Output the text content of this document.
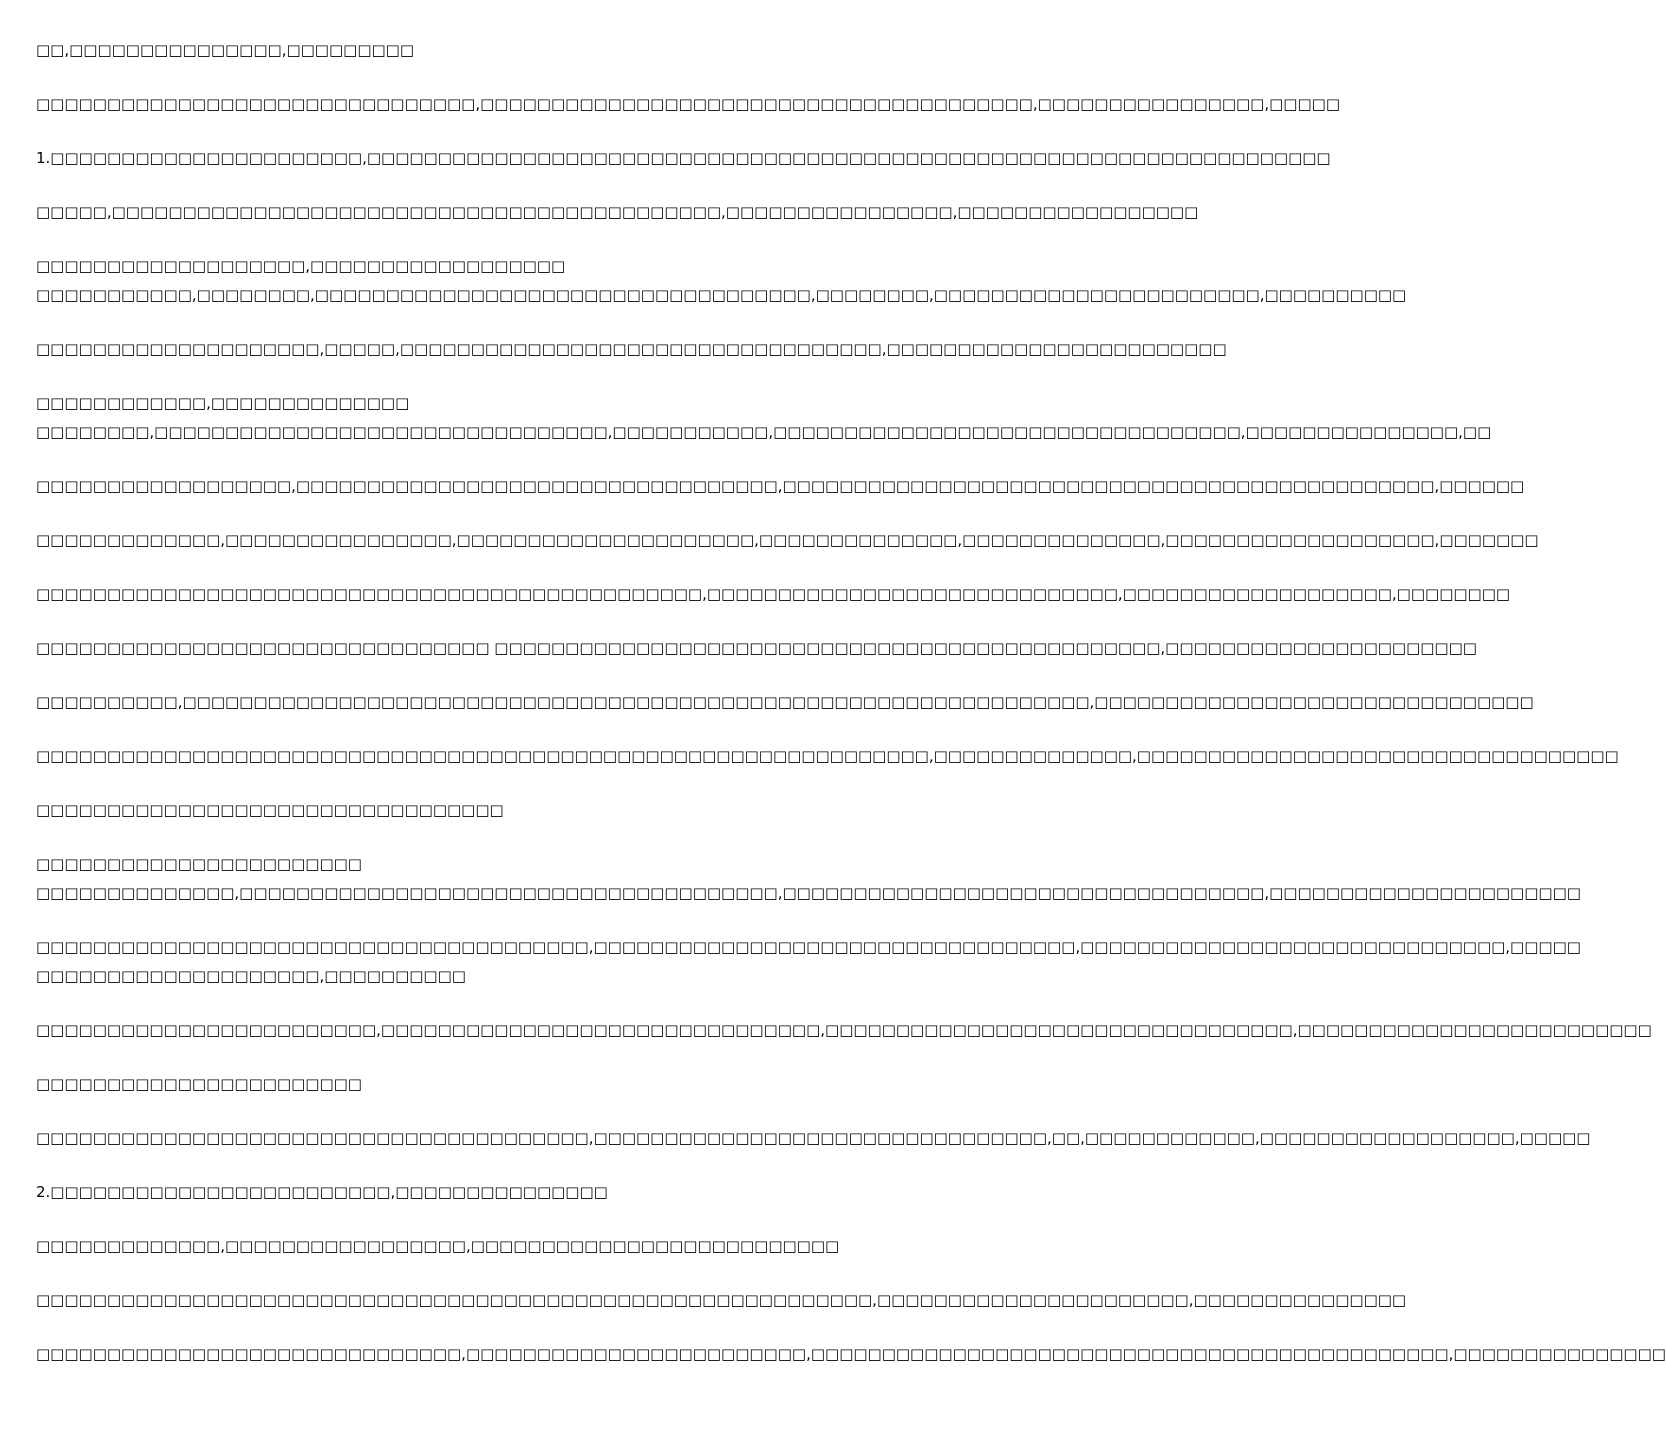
□□,□□□□□□□□□□□□□□□,□□□□□□□□□
□□□□□□□□□□□□□□□□□□□□□□□□□□□□□□□,□□□□□□□□□□□□□□□□□□□□□□□□□□□□□□□□□□□□□□□,□□□□□□□□□□□□□□□□,□□□□□
1.□□□□□□□□□□□□□□□□□□□□□□,□□□□□□□□□□□□□□□□□□□□□□□□□□□□□□□□□□□□□□□□□□□□□□□□□□□□□□□□□□□□□□□□□□□□
□□□□□,□□□□□□□□□□□□□□□□□□□□□□□□□□□□□□□□□□□□□□□□□□□,□□□□□□□□□□□□□□□□,□□□□□□□□□□□□□□□□□
□□□□□□□□□□□□□□□□□□□,□□□□□□□□□□□□□□□□□□
□□□□□□□□□□□,□□□□□□□□,□□□□□□□□□□□□□□□□□□□□□□□□□□□□□□□□□□□,□□□□□□□□,□□□□□□□□□□□□□□□□□□□□□□□,□□□□□□□□□□
□□□□□□□□□□□□□□□□□□□□,□□□□□,□□□□□□□□□□□□□□□□□□□□□□□□□□□□□□□□□□,□□□□□□□□□□□□□□□□□□□□□□□□
□□□□□□□□□□□□,□□□□□□□□□□□□□□
□□□□□□□□,□□□□□□□□□□□□□□□□□□□□□□□□□□□□□□□□,□□□□□□□□□□□,□□□□□□□□□□□□□□□□□□□□□□□□□□□□□□□□□,□□□□□□□□□□□□□□□,□□
□□□□□□□□□□□□□□□□□□,□□□□□□□□□□□□□□□□□□□□□□□□□□□□□□□□□□,□□□□□□□□□□□□□□□□□□□□□□□□□□□□□□□□□□□□□□□□□□□□□□,□□□□□□
□□□□□□□□□□□□□,□□□□□□□□□□□□□□□□,□□□□□□□□□□□□□□□□□□□□□,□□□□□□□□□□□□□□,□□□□□□□□□□□□□□,□□□□□□□□□□□□□□□□□□□,□□□□□□□
□□□□□□□□□□□□□□□□□□□□□□□□□□□□□□□□□□□□□□□□□□□□□□□,□□□□□□□□□□□□□□□□□□□□□□□□□□□□□,□□□□□□□□□□□□□□□□□□□,□□□□□□□□
□□□□□□□□□□□□□□□□□□□□□□□□□□□□□□□□ □□□□□□□□□□□□□□□□□□□□□□□□□□□□□□□□□□□□□□□□□□□□□□□,□□□□□□□□□□□□□□□□□□□□□□
□□□□□□□□□□,□□□□□□□□□□□□□□□□□□□□□□□□□□□□□□□□□□□□□□□□□□□□□□□□□□□□□□□□□□□□□□□□,□□□□□□□□□□□□□□□□□□□□□□□□□□□□□□□
□□□□□□□□□□□□□□□□□□□□□□□□□□□□□□□□□□□□□□□□□□□□□□□□□□□□□□□□□□□□□□□,□□□□□□□□□□□□□□,□□□□□□□□□□□□□□□□□□□□□□□□□□□□□□□□□□
□□□□□□□□□□□□□□□□□□□□□□□□□□□□□□□□□
□□□□□□□□□□□□□□□□□□□□□□□
□□□□□□□□□□□□□□,□□□□□□□□□□□□□□□□□□□□□□□□□□□□□□□□□□□□□□,□□□□□□□□□□□□□□□□□□□□□□□□□□□□□□□□□□,□□□□□□□□□□□□□□□□□□□□□□
□□□□□□□□□□□□□□□□□□□□□□□□□□□□□□□□□□□□□□□,□□□□□□□□□□□□□□□□□□□□□□□□□□□□□□□□□□,□□□□□□□□□□□□□□□□□□□□□□□□□□□□□□,□□□□□
□□□□□□□□□□□□□□□□□□□□,□□□□□□□□□□
□□□□□□□□□□□□□□□□□□□□□□□□,□□□□□□□□□□□□□□□□□□□□□□□□□□□□□□□,□□□□□□□□□□□□□□□□□□□□□□□□□□□□□□□□□,□□□□□□□□□□□□□□□□□□□□□□□□□
□□□□□□□□□□□□□□□□□□□□□□□
□□□□□□□□□□□□□□□□□□□□□□□□□□□□□□□□□□□□□□□,□□□□□□□□□□□□□□□□□□□□□□□□□□□□□□□□,□□,□□□□□□□□□□□□,□□□□□□□□□□□□□□□□□□,□□□□□
2.□□□□□□□□□□□□□□□□□□□□□□□□,□□□□□□□□□□□□□□□
□□□□□□□□□□□□□,□□□□□□□□□□□□□□□□□,□□□□□□□□□□□□□□□□□□□□□□□□□□
□□□□□□□□□□□□□□□□□□□□□□□□□□□□□□□□□□□□□□□□□□□□□□□□□□□□□□□□□□□,□□□□□□□□□□□□□□□□□□□□□□,□□□□□□□□□□□□□□□
□□□□□□□□□□□□□□□□□□□□□□□□□□□□□□,□□□□□□□□□□□□□□□□□□□□□□□□,□□□□□□□□□□□□□□□□□□□□□□□□□□□□□□□□□□□□□□□□□□□□□,□□□□□□□□□□□□□□□
